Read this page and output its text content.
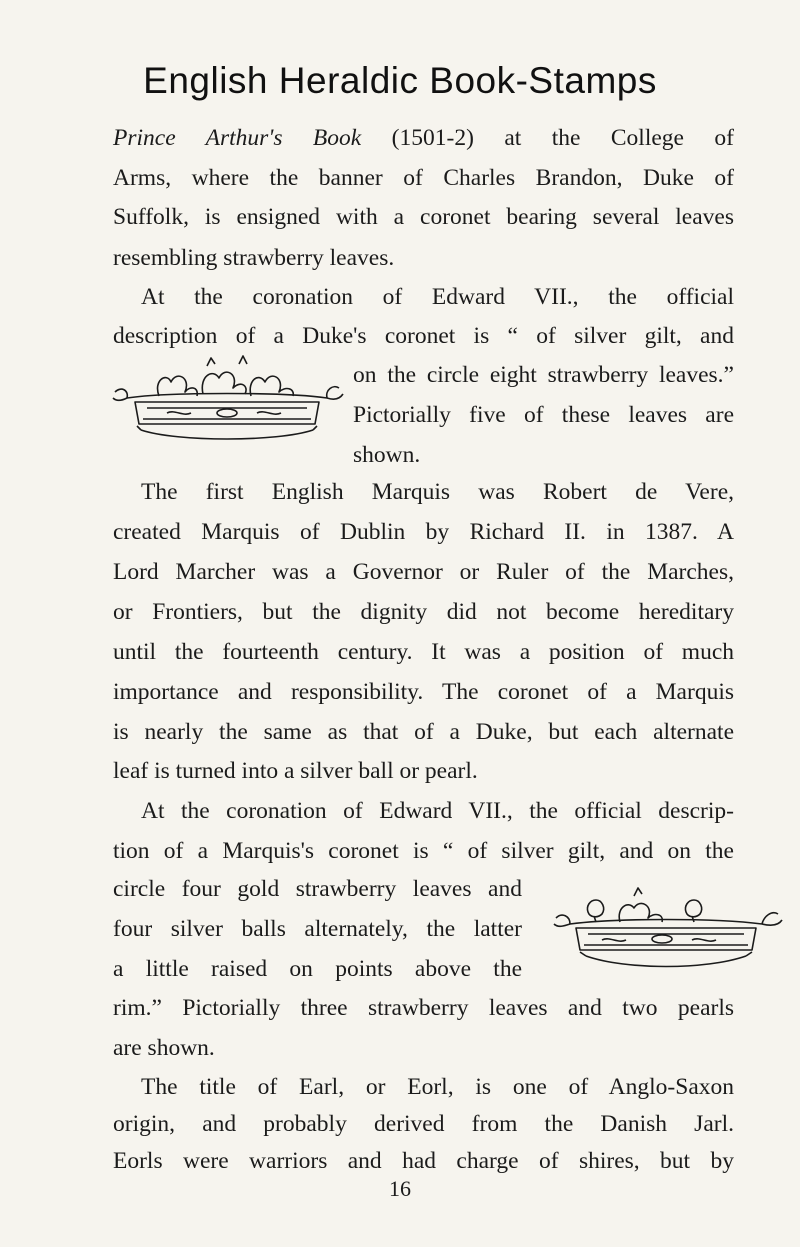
English Heraldic Book-Stamps
Prince Arthur's Book (1501-2) at the College of
Arms, where the banner of Charles Brandon, Duke of
Suffolk, is ensigned with a coronet bearing several leaves
resembling strawberry leaves.
At the coronation of Edward VII., the official
description of a Duke's coronet is “ of silver gilt, and
on the circle eight strawberry leaves.”
Pictorially five of these leaves are
shown.
The first English Marquis was Robert de Vere,
created Marquis of Dublin by Richard II. in 1387. A
Lord Marcher was a Governor or Ruler of the Marches,
or Frontiers, but the dignity did not become hereditary
until the fourteenth century. It was a position of much
importance and responsibility. The coronet of a Marquis
is nearly the same as that of a Duke, but each alternate
leaf is turned into a silver ball or pearl.
At the coronation of Edward VII., the official descrip-
tion of a Marquis's coronet is “ of silver gilt, and on the
circle four gold strawberry leaves and
four silver balls alternately, the latter
a little raised on points above the
rim.” Pictorially three strawberry leaves and two pearls
are shown.
The title of Earl, or Eorl, is one of Anglo-Saxon
origin, and probably derived from the Danish Jarl.
Eorls were warriors and had charge of shires, but by
16
